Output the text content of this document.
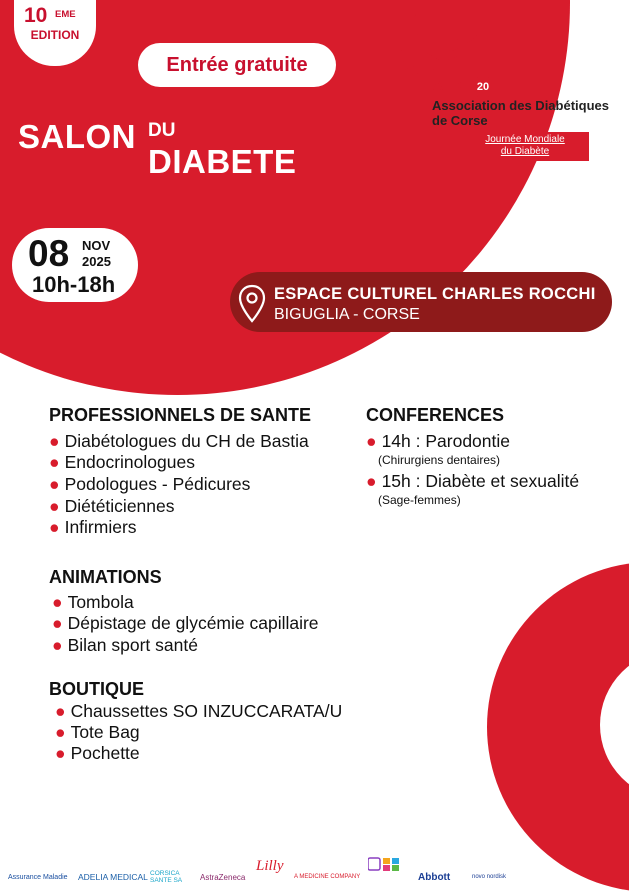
10 EME
EDITION
Entrée gratuite
SALON DU
DIABETE
08 NOV
2025
10h-18h	ESPACE CULTUREL CHARLES ROCCHI
BIGUGLIA - CORSE
AFD	20
Association des Diabétiques
de Corse
Journée Mondiale
du Diabète
PROFESSIONNELS DE SANTE
● Diabétologues du CH de Bastia
● Endocrinologues
● Podologues - Pédicures
● Diététiciennes
● Infirmiers
CONFERENCES
● 14h : Parodontie
(Chirurgiens dentaires)
● 15h : Diabète et sexualité
(Sage-femmes)
ANIMATIONS
● Tombola
● Dépistage de glycémie capillaire
● Bilan sport santé
BOUTIQUE
● Chaussettes SO INZUCCARATA/U
● Tote Bag
● Pochette
Assurance Maladie ADELIA MEDICAL CORSICA SANTE SA	AstraZeneca
Lilly
A MEDICINE COMPANY	Abbott	novo nordisk
